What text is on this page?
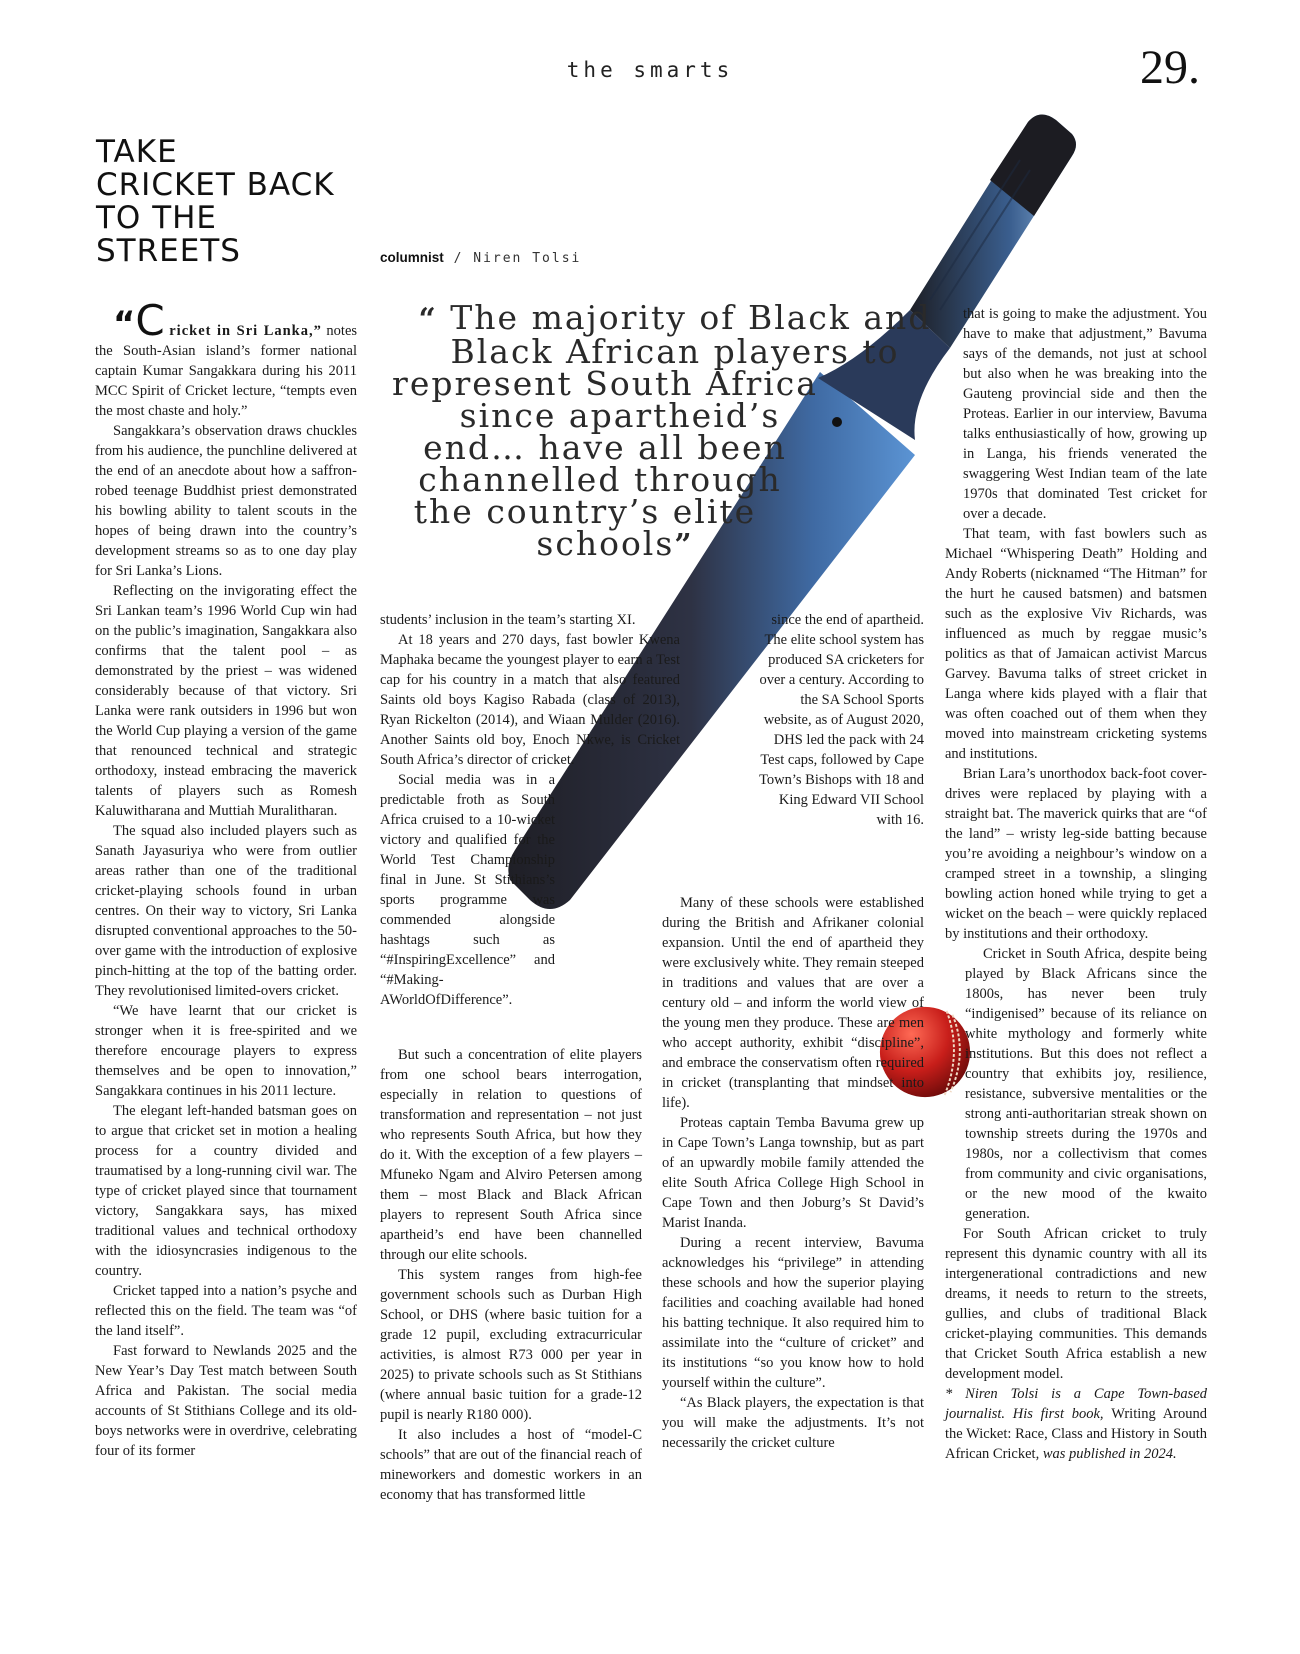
the smarts	29.
TAKE
CRICKET BACK
TO THE
STREETS	columnist / Niren Tolsi
“ The majority of Black and
Black African players to
represent South Africa
since apartheid’s
end… have all been
channelled through
the country’s elite
schools”

“C ricket in Sri Lanka,” notes the South-Asian island’s former national captain Kumar Sangakkara during his 2011 MCC Spirit of Cricket lecture, “tempts even the most chaste and holy.”

Sangakkara’s observation draws chuckles from his audience, the punchline delivered at the end of an anecdote about how a saffron-robed teenage Buddhist priest demonstrated his bowling ability to talent scouts in the hopes of being drawn into the country’s development streams so as to one day play for Sri Lanka’s Lions.

Reflecting on the invigorating effect the Sri Lankan team’s 1996 World Cup win had on the public’s imagination, Sangakkara also confirms that the talent pool – as demonstrated by the priest – was widened considerably because of that victory. Sri Lanka were rank outsiders in 1996 but won the World Cup playing a version of the game that renounced technical and strategic orthodoxy, instead embracing the maverick talents of players such as Romesh Kaluwitharana and Muttiah Muralitharan.

The squad also included players such as Sanath Jayasuriya who were from outlier areas rather than one of the traditional cricket-playing schools found in urban centres. On their way to victory, Sri Lanka disrupted conventional approaches to the 50-over game with the introduction of explosive pinch-hitting at the top of the batting order. They revolutionised limited-overs cricket.

“We have learnt that our cricket is stronger when it is free-spirited and we therefore encourage players to express themselves and be open to innovation,” Sangakkara continues in his 2011 lecture.

The elegant left-handed batsman goes on to argue that cricket set in motion a healing process for a country divided and traumatised by a long-running civil war. The type of cricket played since that tournament victory, Sangakkara says, has mixed traditional values and technical orthodoxy with the idiosyncrasies indigenous to the country.

Cricket tapped into a nation’s psyche and reflected this on the field. The team was “of the land itself”.

Fast forward to Newlands 2025 and the New Year’s Day Test match between South Africa and Pakistan. The social media accounts of St Stithians College and its old-boys networks were in overdrive, celebrating four of its former

students’ inclusion in the team’s starting XI.

At 18 years and 270 days, fast bowler Kwena Maphaka became the youngest player to earn a Test cap for his country in a match that also featured Saints old boys Kagiso Rabada (class of 2013), Ryan Rickelton (2014), and Wiaan Mulder (2016). Another Saints old boy, Enoch Nkwe, is Cricket South Africa’s director of cricket.

Social media was in a predictable froth as South Africa cruised to a 10-wicket victory and qualified for the World Test Championship final in June. St Stithians’s sports programme was commended alongside hashtags such as “#InspiringExcellence” and “#Making-AWorldOfDifference”.

But such a concentration of elite players from one school bears interrogation, especially in relation to questions of transformation and representation – not just who represents South Africa, but how they do it. With the exception of a few players – Mfuneko Ngam and Alviro Petersen among them – most Black and Black African players to represent South Africa since apartheid’s end have been channelled through our elite schools.

This system ranges from high-fee government schools such as Durban High School, or DHS (where basic tuition for a grade 12 pupil, excluding extracurricular activities, is almost R73 000 per year in 2025) to private schools such as St Stithians (where annual basic tuition for a grade-12 pupil is nearly R180 000).

It also includes a host of “model-C schools” that are out of the financial reach of mineworkers and domestic workers in an economy that has transformed little

since the end of apartheid. The elite school system has produced SA cricketers for over a century. According to the SA School Sports website, as of August 2020, DHS led the pack with 24 Test caps, followed by Cape Town’s Bishops with 18 and King Edward VII School with 16.

Many of these schools were established during the British and Afrikaner colonial expansion. Until the end of apartheid they were exclusively white. They remain steeped in traditions and values that are over a century old – and inform the world view of the young men they produce. These are men who accept authority, exhibit “discipline”, and embrace the conservatism often required in cricket (transplanting that mindset into life).

Proteas captain Temba Bavuma grew up in Cape Town’s Langa township, but as part of an upwardly mobile family attended the elite South Africa College High School in Cape Town and then Joburg’s St David’s Marist Inanda.

During a recent interview, Bavuma acknowledges his “privilege” in attending these schools and how the superior playing facilities and coaching available had honed his batting technique. It also required him to assimilate into the “culture of cricket” and its institutions “so you know how to hold yourself within the culture”.

“As Black players, the expectation is that you will make the adjustments. It’s not necessarily the cricket culture

that is going to make the adjustment. You have to make that adjustment,” Bavuma says of the demands, not just at school but also when he was breaking into the Gauteng provincial side and then the Proteas. Earlier in our interview, Bavuma talks enthusiastically of how, growing up in Langa, his friends venerated the swaggering West Indian team of the late 1970s that dominated Test cricket for over a decade.

That team, with fast bowlers such as Michael “Whispering Death” Holding and Andy Roberts (nicknamed “The Hitman” for the hurt he caused batsmen) and batsmen such as the explosive Viv Richards, was influenced as much by reggae music’s politics as that of Jamaican activist Marcus Garvey. Bavuma talks of street cricket in Langa where kids played with a flair that was often coached out of them when they moved into mainstream cricketing systems and institutions.

Brian Lara’s unorthodox back-foot cover-drives were replaced by playing with a straight bat. The maverick quirks that are “of the land” – wristy leg-side batting because you’re avoiding a neighbour’s window on a cramped street in a township, a slinging bowling action honed while trying to get a wicket on the beach – were quickly replaced by institutions and their orthodoxy.

Cricket in South Africa, despite being played by Black Africans since the 1800s, has never been truly “indigenised” because of its reliance on white mythology and formerly white institutions. But this does not reflect a country that exhibits joy, resilience, resistance, subversive mentalities or the strong anti-authoritarian streak shown on township streets during the 1970s and 1980s, nor a collectivism that comes from community and civic organisations, or the new mood of the kwaito generation.

For South African cricket to truly represent this dynamic country with all its intergenerational contradictions and new dreams, it needs to return to the streets, gullies, and clubs of traditional Black cricket-playing communities. This demands that Cricket South Africa establish a new development model.

* Niren Tolsi is a Cape Town-based journalist. His first book, Writing Around the Wicket: Race, Class and History in South African Cricket, was published in 2024.
